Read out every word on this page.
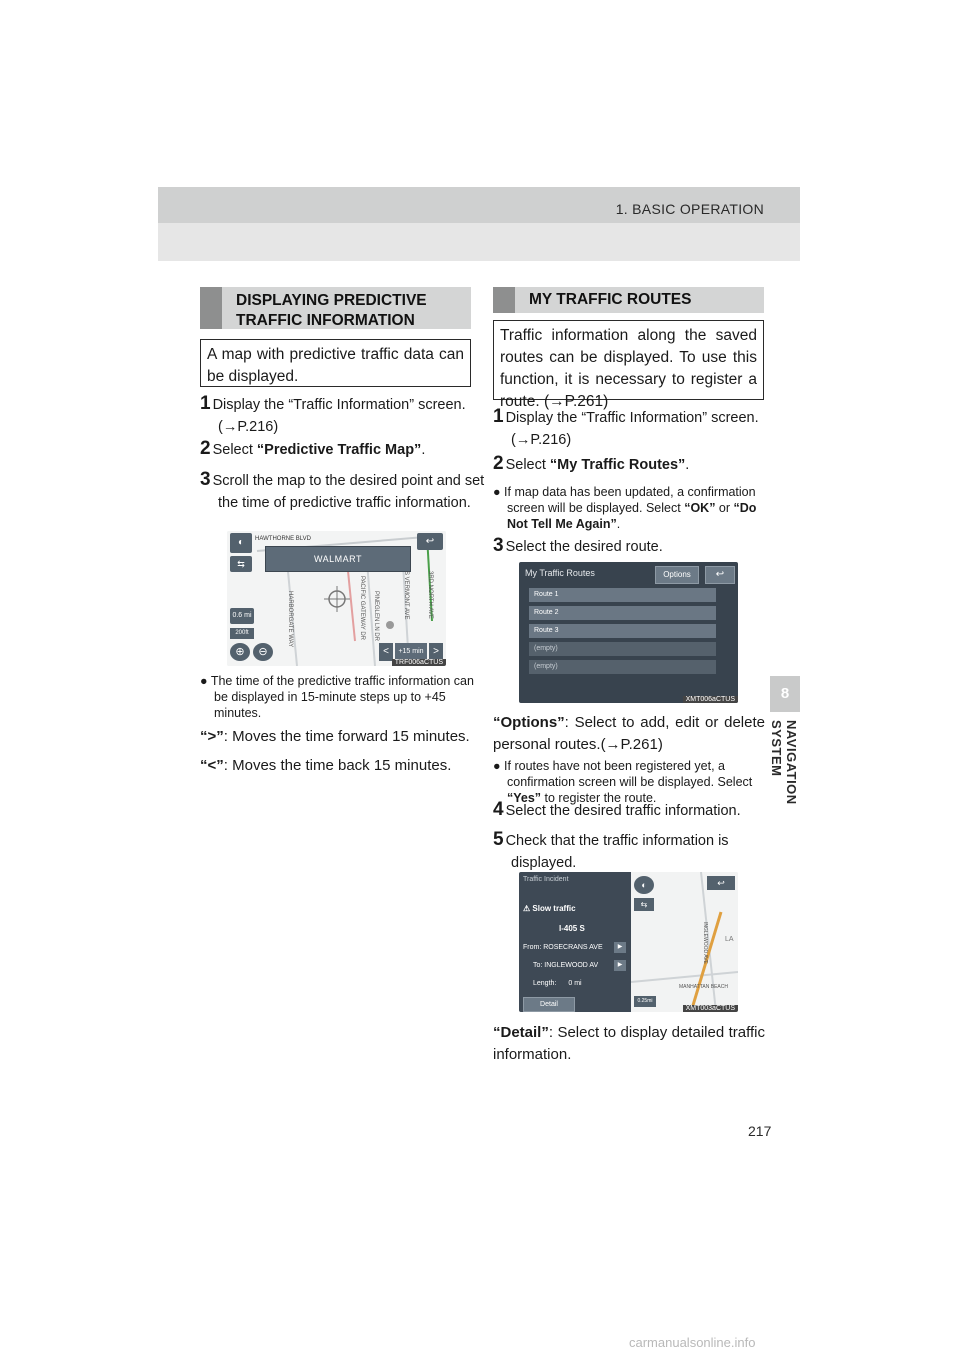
1. BASIC OPERATION
8
NAVIGATION SYSTEM
DISPLAYING PREDICTIVE TRAFFIC INFORMATION
A map with predictive traffic data can be displayed.
1 Display the “Traffic Information” screen. (→P.216)
2 Select “Predictive Traffic Map”.
3 Scroll the map to the desired point and set the time of predictive traffic information.
◐
⇆
↩
HAWTHORNE BLVD
WALMART
HARBORGATE WAY	PACIFIC GATEWAY DR PINEGLEN LN DR	S VERMONT AVE	3RD NORTH AVE
0.6 mi
200ft
⊕	⊖	<	+15 min >
TRF006aCTUS
● The time of the predictive traffic information can be displayed in 15-minute steps up to +45 minutes.
“>”: Moves the time forward 15 minutes.
“<”: Moves the time back 15 minutes.
MY TRAFFIC ROUTES
Traffic information along the saved routes can be displayed. To use this function, it is necessary to register a route. (→P.261)
1 Display the “Traffic Information” screen. (→P.216)
2 Select “My Traffic Routes”.
● If map data has been updated, a confirmation screen will be displayed. Select “OK” or “Do Not Tell Me Again”.
3 Select the desired route.
My Traffic Routes	Options	↩
Route 1
Route 2
Route 3
(empty)
(empty)
XMT006aCTUS
“Options”: Select to add, edit or delete personal routes.(→P.261)
● If routes have not been registered yet, a confirmation screen will be displayed. Select “Yes” to register the route.
4 Select the desired traffic information.
5 Check that the traffic information is displayed.
Traffic Incident
⚠ Slow traffic
I-405 S
From: ROSECRANS AVE	▶
To: INGLEWOOD AV	▶
Length: 0 mi
Detail
◐
⇆
↩
INGLEWOOD AVE LA
MANHATTAN BEACH
0.25mi
XMT003aCTUS
“Detail”: Select to display detailed traffic information.
217
carmanualsonline.info
